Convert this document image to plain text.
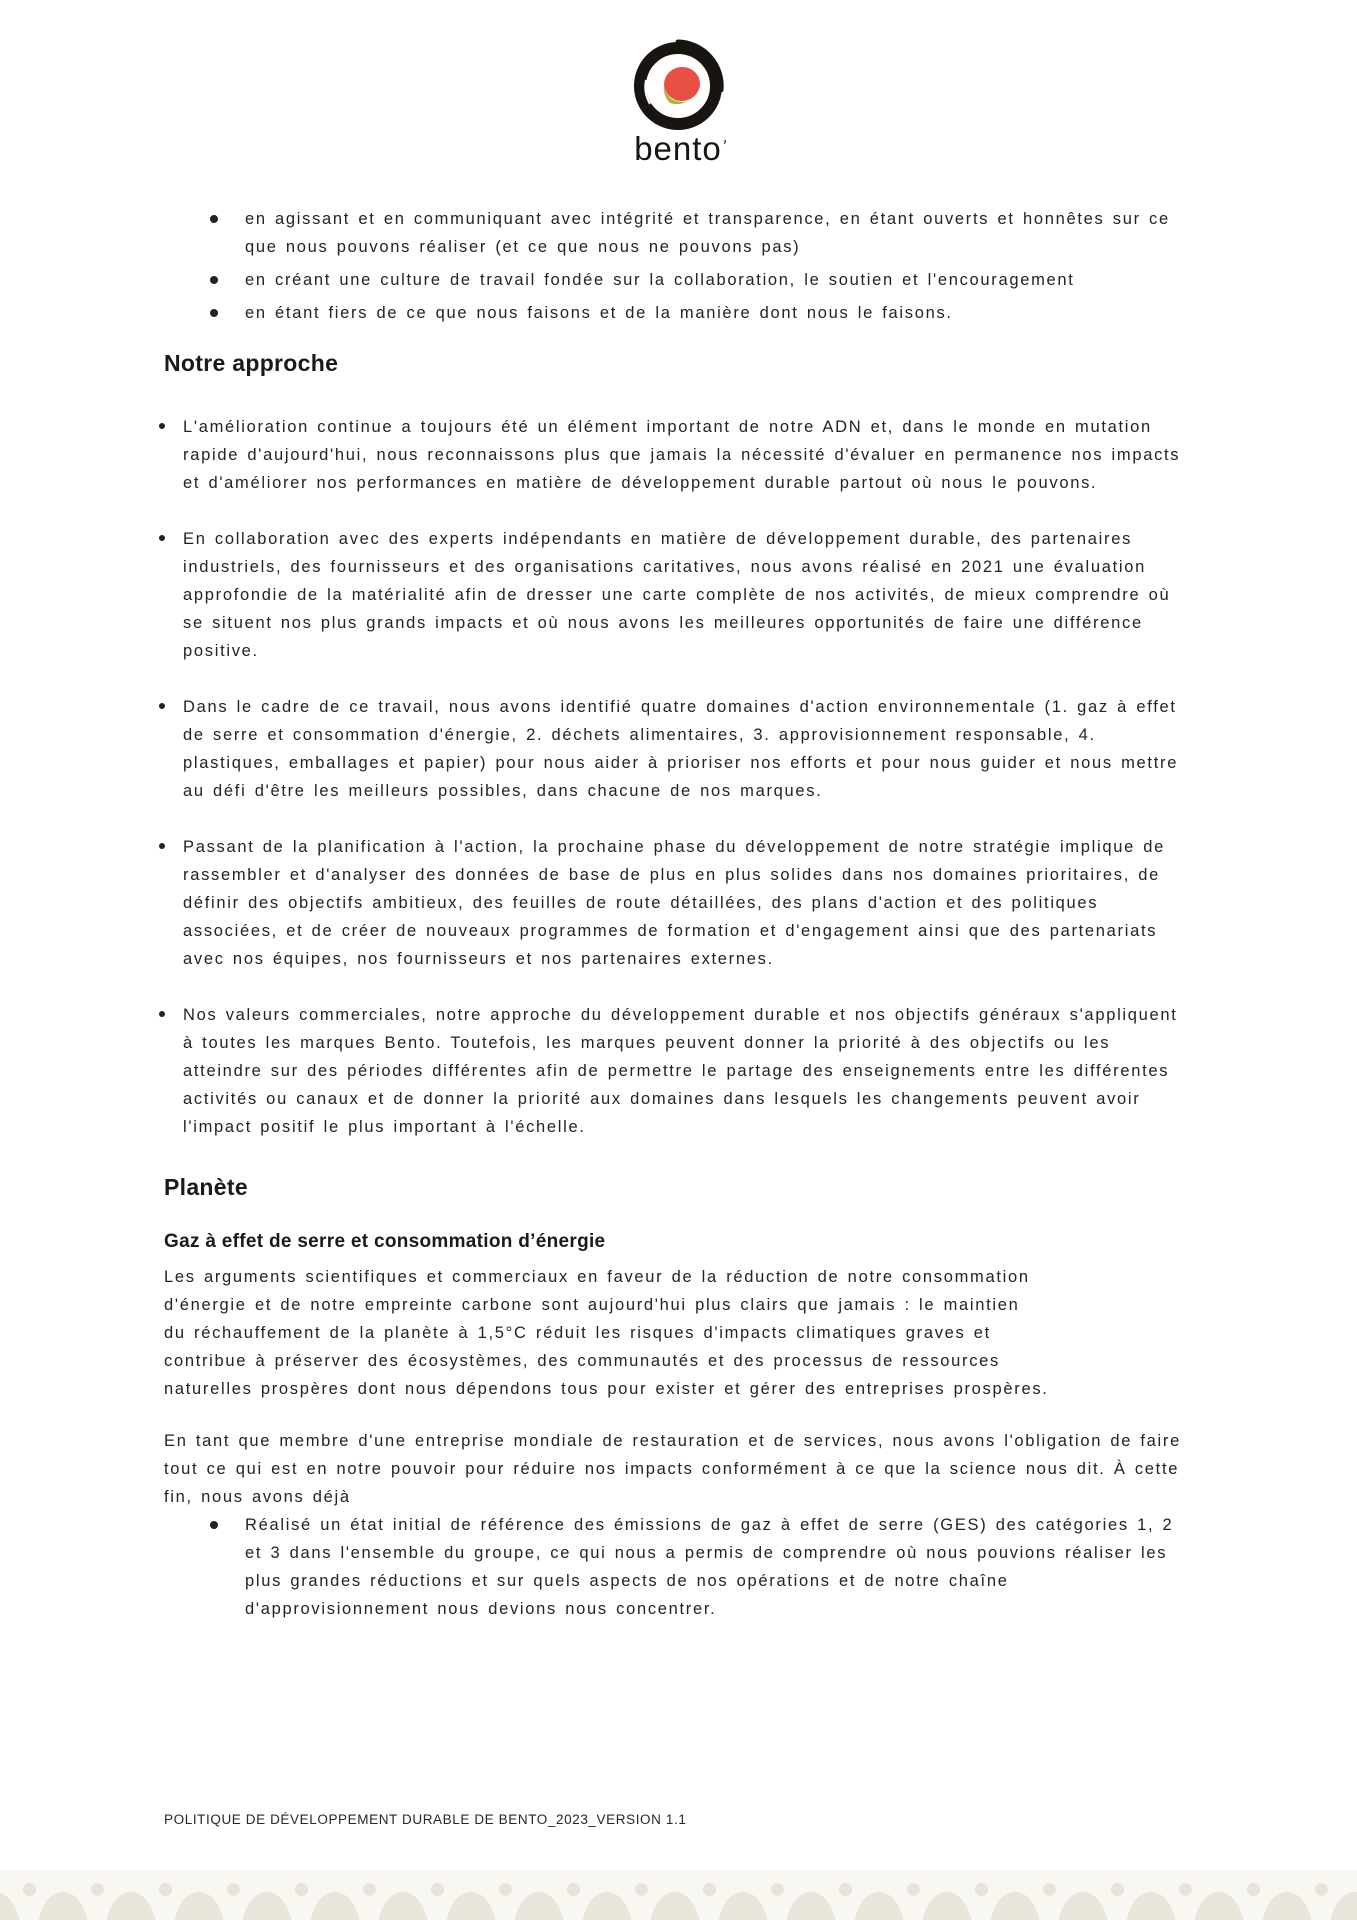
bento
’
en agissant et en communiquant avec intégrité et transparence, en étant ouverts et honnêtes sur ce que nous pouvons réaliser (et ce que nous ne pouvons pas)
en créant une culture de travail fondée sur la collaboration, le soutien et l'encouragement
en étant fiers de ce que nous faisons et de la manière dont nous le faisons.
Notre approche
L'amélioration continue a toujours été un élément important de notre ADN et, dans le monde en mutation rapide d'aujourd'hui, nous reconnaissons plus que jamais la nécessité d'évaluer en permanence nos impacts et d'améliorer nos performances en matière de développement durable partout où nous le pouvons.
En collaboration avec des experts indépendants en matière de développement durable, des partenaires industriels, des fournisseurs et des organisations caritatives, nous avons réalisé en 2021 une évaluation approfondie de la matérialité afin de dresser une carte complète de nos activités, de mieux comprendre où se situent nos plus grands impacts et où nous avons les meilleures opportunités de faire une différence positive.
Dans le cadre de ce travail, nous avons identifié quatre domaines d'action environnementale (1. gaz à effet de serre et consommation d'énergie, 2. déchets alimentaires, 3. approvisionnement responsable, 4. plastiques, emballages et papier) pour nous aider à prioriser nos efforts et pour nous guider et nous mettre au défi d'être les meilleurs possibles, dans chacune de nos marques.
Passant de la planification à l'action, la prochaine phase du développement de notre stratégie implique de rassembler et d'analyser des données de base de plus en plus solides dans nos domaines prioritaires, de définir des objectifs ambitieux, des feuilles de route détaillées, des plans d'action et des politiques associées, et de créer de nouveaux programmes de formation et d'engagement ainsi que des partenariats avec nos équipes, nos fournisseurs et nos partenaires externes.
Nos valeurs commerciales, notre approche du développement durable et nos objectifs généraux s'appliquent à toutes les marques Bento. Toutefois, les marques peuvent donner la priorité à des objectifs ou les atteindre sur des périodes différentes afin de permettre le partage des enseignements entre les différentes activités ou canaux et de donner la priorité aux domaines dans lesquels les changements peuvent avoir l'impact positif le plus important à l'échelle.
Planète
Gaz à effet de serre et consommation d’énergie

Les arguments scientifiques et commerciaux en faveur de la réduction de notre consommation d'énergie et de notre empreinte carbone sont aujourd'hui plus clairs que jamais : le maintien du réchauffement de la planète à 1,5°C réduit les risques d'impacts climatiques graves et contribue à préserver des écosystèmes, des communautés et des processus de ressources naturelles prospères dont nous dépendons tous pour exister et gérer des entreprises prospères.

En tant que membre d'une entreprise mondiale de restauration et de services, nous avons l'obligation de faire tout ce qui est en notre pouvoir pour réduire nos impacts conformément à ce que la science nous dit. À cette fin, nous avons déjà

Réalisé un état initial de référence des émissions de gaz à effet de serre (GES) des catégories 1, 2 et 3 dans l'ensemble du groupe, ce qui nous a permis de comprendre où nous pouvions réaliser les plus grandes réductions et sur quels aspects de nos opérations et de notre chaîne d'approvisionnement nous devions nous concentrer.
POLITIQUE DE DÉVELOPPEMENT DURABLE DE BENTO_2023_VERSION 1.1
